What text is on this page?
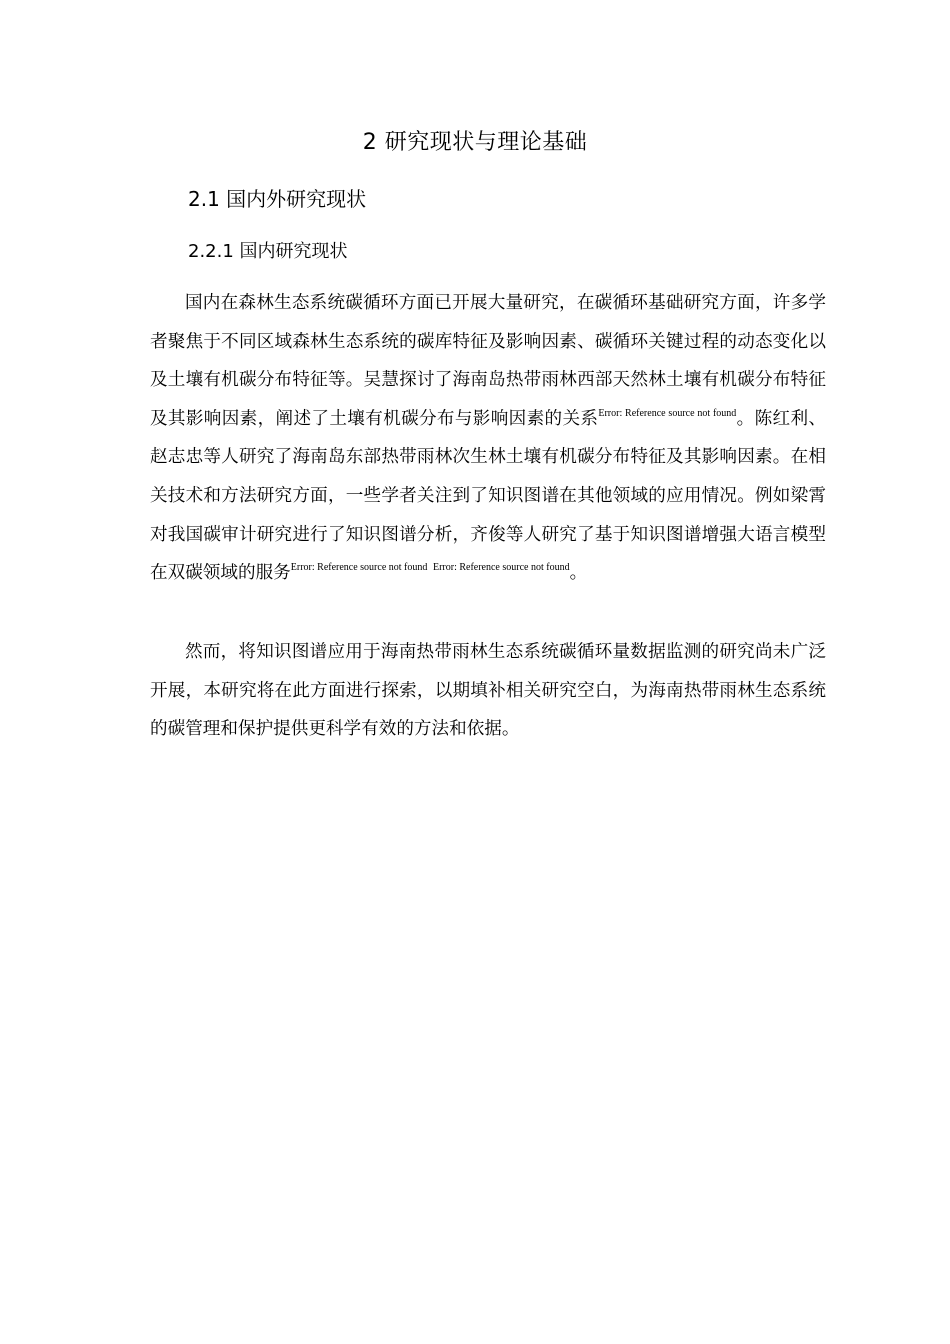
2 研究现状与理论基础
2.1 国内外研究现状
2.2.1 国内研究现状

国内在森林生态系统碳循环方面已开展大量研究，在碳循环基础研究方面，许多学者聚焦于不同区域森林生态系统的碳库特征及影响因素、碳循环关键过程的动态变化以及土壤有机碳分布特征等。吴慧探讨了海南岛热带雨林西部天然林土壤有机碳分布特征及其影响因素，阐述了土壤有机碳分布与影响因素的关系$^{Error: Reference source not found}$。陈红利、赵志忠等人研究了海南岛东部热带雨林次生林土壤有机碳分布特征及其影响因素。在相关技术和方法研究方面，一些学者关注到了知识图谱在其他领域的应用情况。例如梁霄对我国碳审计研究进行了知识图谱分析，齐俊等人研究了基于知识图谱增强大语言模型在双碳领域的服务$^{Error: Reference source not found}$ $^{Error: Reference source not found}$。

然而，将知识图谱应用于海南热带雨林生态系统碳循环量数据监测的研究尚未广泛开展，本研究将在此方面进行探索，以期填补相关研究空白，为海南热带雨林生态系统的碳管理和保护提供更科学有效的方法和依据。
